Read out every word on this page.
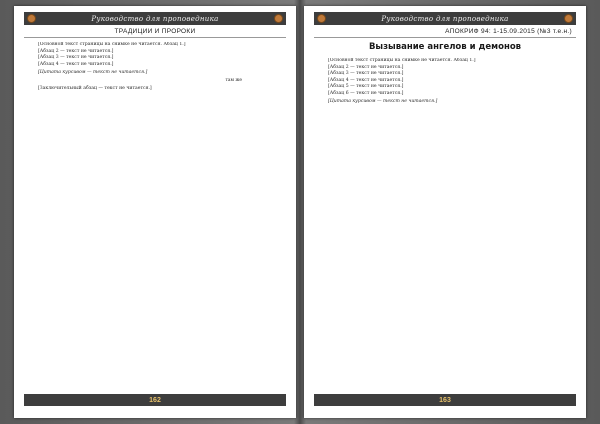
Руководство для проповедника
ТРАДИЦИИ И ПРОРОКИ

[Основной текст страницы на снимке не читается. Абзац 1.]

[Абзац 2 — текст не читается.]

[Абзац 3 — текст не читается.]

[Абзац 4 — текст не читается.]

[Цитата курсивом — текст не читается.]

там же

[Заключительный абзац — текст не читается.]

162
Руководство для проповедника
АПОКРИФ 94: 1-15.09.2015 (№3 т.е.н.)
Вызывание ангелов и демонов

[Основной текст страницы на снимке не читается. Абзац 1.]

[Абзац 2 — текст не читается.]

[Абзац 3 — текст не читается.]

[Абзац 4 — текст не читается.]

[Абзац 5 — текст не читается.]

[Абзац 6 — текст не читается.]

[Цитата курсивом — текст не читается.]

163
